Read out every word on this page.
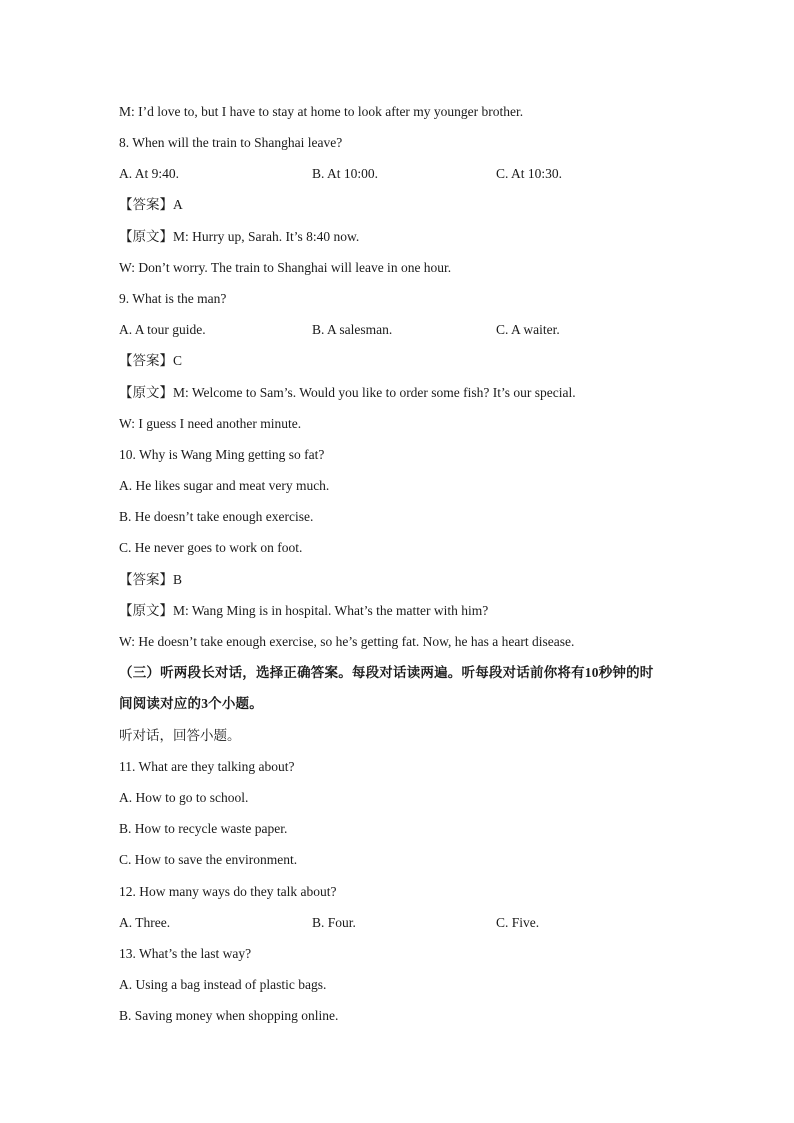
M: I’d love to, but I have to stay at home to look after my younger brother.
8. When will the train to Shanghai leave?
A. At 9:40.	B. At 10:00.	C. At 10:30.
【答案】A
【原文】M: Hurry up, Sarah. It’s 8:40 now.
W: Don’t worry. The train to Shanghai will leave in one hour.
9. What is the man?
A. A tour guide.	B. A salesman.	C. A waiter.
【答案】C
【原文】M: Welcome to Sam’s. Would you like to order some fish? It’s our special.
W: I guess I need another minute.
10. Why is Wang Ming getting so fat?
A. He likes sugar and meat very much.
B. He doesn’t take enough exercise.
C. He never goes to work on foot.
【答案】B
【原文】M: Wang Ming is in hospital. What’s the matter with him?
W: He doesn’t take enough exercise, so he’s getting fat. Now, he has a heart disease.
（三）听两段长对话，选择正确答案。每段对话读两遍。听每段对话前你将有10秒钟的时
间阅读对应的3个小题。
听对话，回答小题。
11. What are they talking about?
A. How to go to school.
B. How to recycle waste paper.
C. How to save the environment.
12. How many ways do they talk about?
A. Three.	B. Four.	C. Five.
13. What’s the last way?
A. Using a bag instead of plastic bags.
B. Saving money when shopping online.
